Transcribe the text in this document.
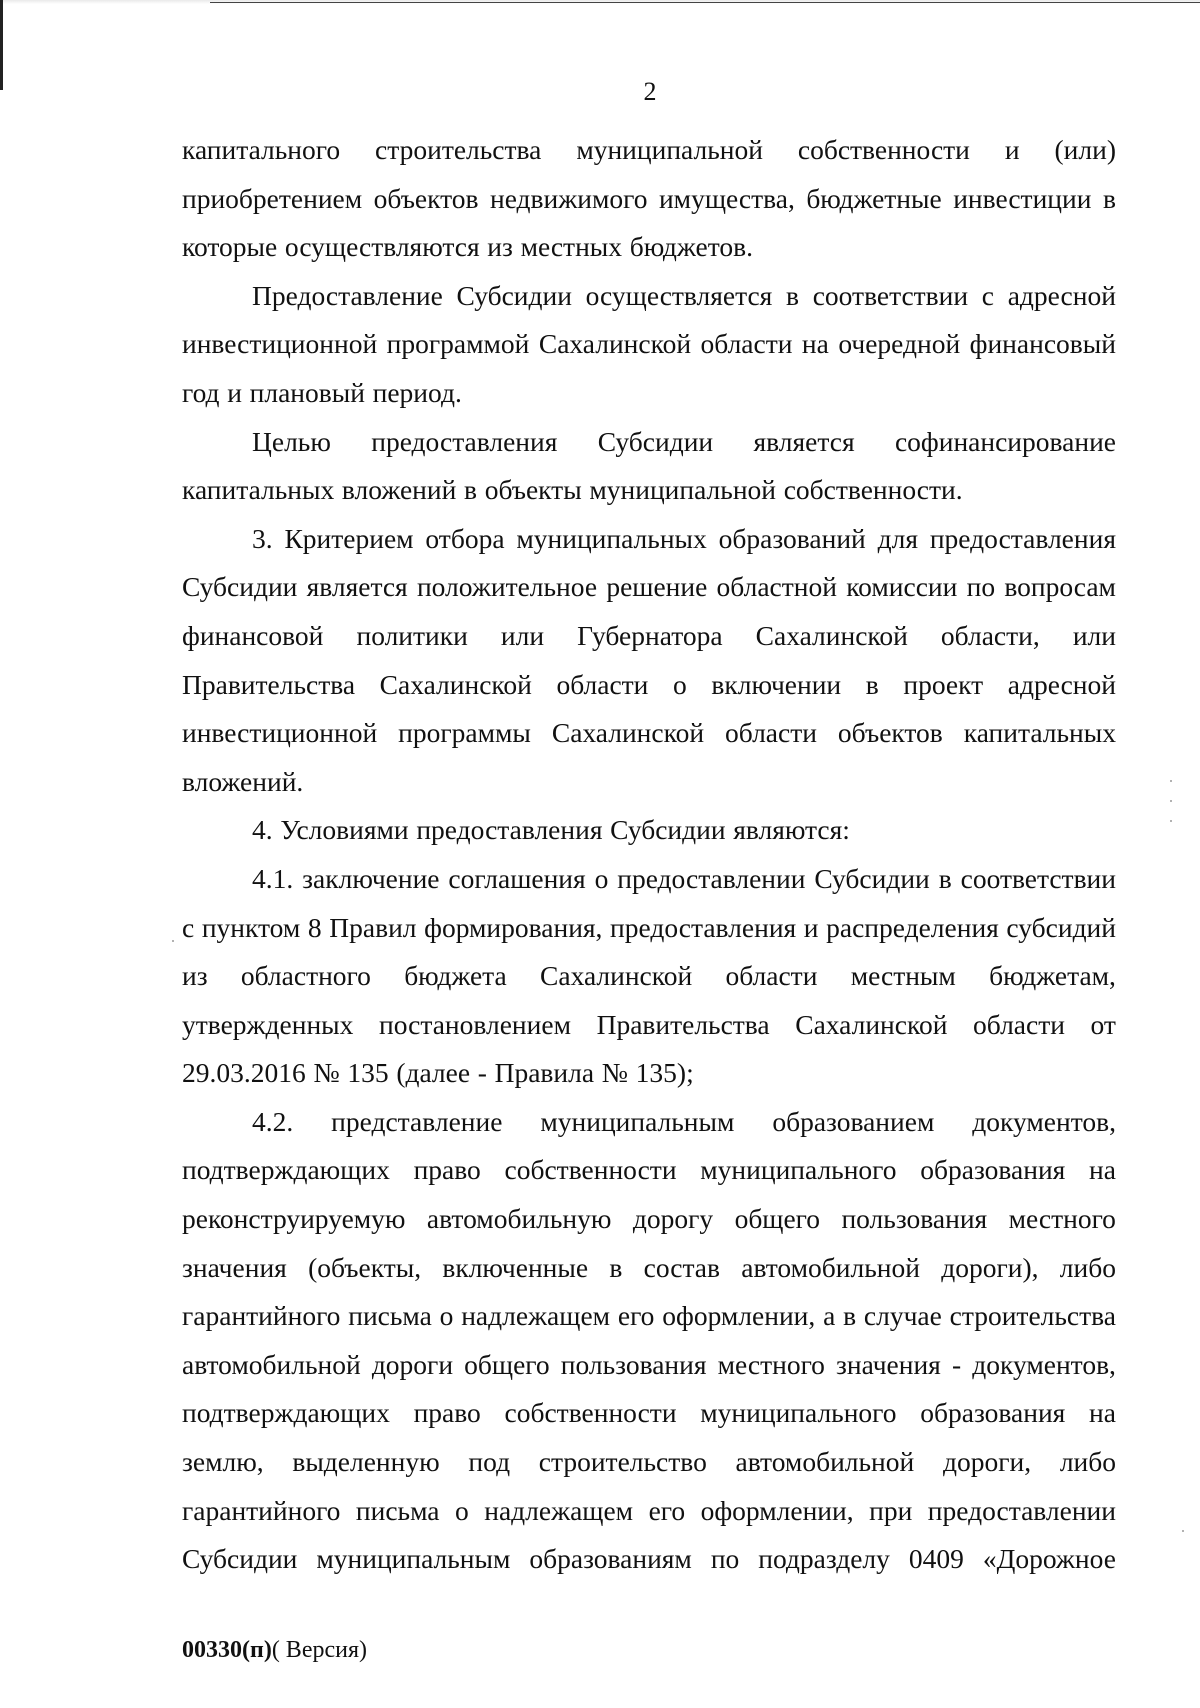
2
капитального строительства муниципальной собственности и (или)
приобретением объектов недвижимого имущества, бюджетные инвестиции в
которые осуществляются из местных бюджетов.
Предоставление Субсидии осуществляется в соответствии с адресной
инвестиционной программой Сахалинской области на очередной финансовый
год и плановый период.
Целью предоставления Субсидии является софинансирование
капитальных вложений в объекты муниципальной собственности.
3. Критерием отбора муниципальных образований для предоставления
Субсидии является положительное решение областной комиссии по вопросам
финансовой политики или Губернатора Сахалинской области, или
Правительства Сахалинской области о включении в проект адресной
инвестиционной программы Сахалинской области объектов капитальных
вложений.
4. Условиями предоставления Субсидии являются:
4.1. заключение соглашения о предоставлении Субсидии в соответствии
с пунктом 8 Правил формирования, предоставления и распределения субсидий
из областного бюджета Сахалинской области местным бюджетам,
утвержденных постановлением Правительства Сахалинской области от
29.03.2016 № 135 (далее - Правила № 135);
4.2. представление муниципальным образованием документов,
подтверждающих право собственности муниципального образования на
реконструируемую автомобильную дорогу общего пользования местного
значения (объекты, включенные в состав автомобильной дороги), либо
гарантийного письма о надлежащем его оформлении, а в случае строительства
автомобильной дороги общего пользования местного значения - документов,
подтверждающих право собственности муниципального образования на
землю, выделенную под строительство автомобильной дороги, либо
гарантийного письма о надлежащем его оформлении, при предоставлении
Субсидии муниципальным образованиям по подразделу 0409 «Дорожное
00330(п)( Версия)
